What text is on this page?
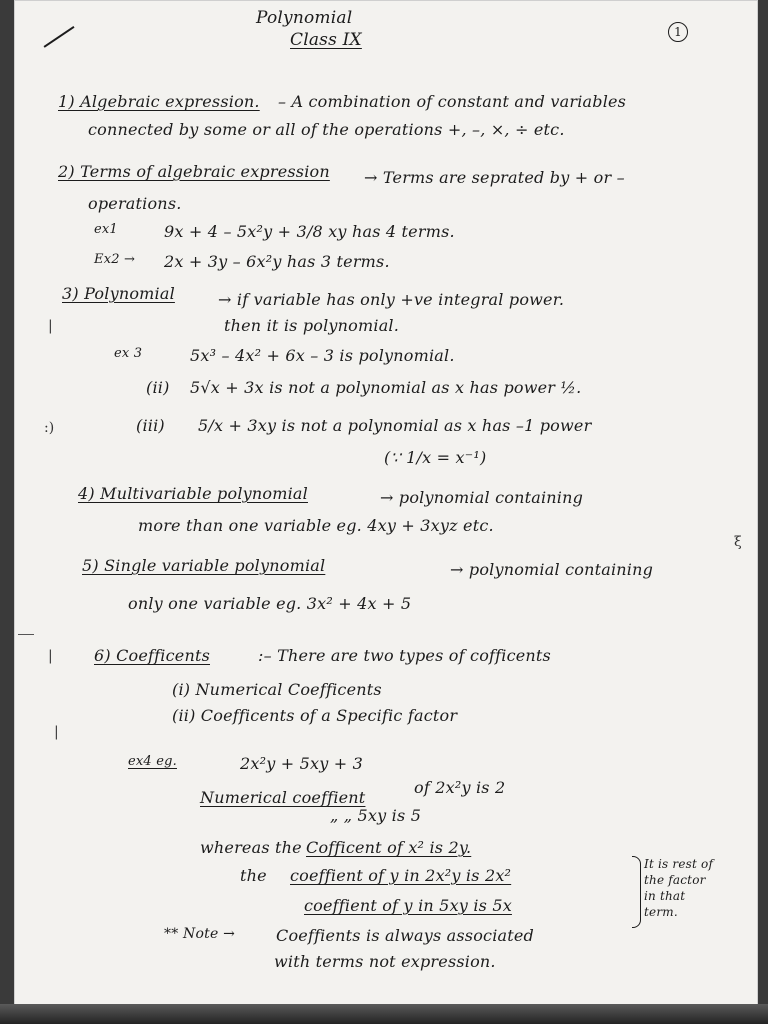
Polynomial
Class IX	1
1) Algebraic expression. – A combination of constant and variables
connected by some or all of the operations +, –, ×, ÷ etc.
2) Terms of algebraic expression → Terms are seprated by + or –
operations.
ex1	9x + 4 – 5x²y + 3/8 xy has 4 terms.
Ex2 → 2x + 3y – 6x²y has 3 terms.
3) Polynomial	→ if variable has only +ve integral power.
then it is polynomial.
|
ex 3	5x³ – 4x² + 6x – 3 is polynomial.
(ii) 5√x + 3x is not a polynomial as x has power ½.
:)	(iii) 5/x + 3xy is not a polynomial as x has –1 power
(∵ 1/x = x⁻¹)
4) Multivariable polynomial	→ polynomial containing
more than one variable eg. 4xy + 3xyz etc.
ξ
5) Single variable polynomial	→ polynomial containing
only one variable eg. 3x² + 4x + 5
|	6) Coefficents	:– There are two types of cofficents
(i) Numerical Coefficents
(ii) Coefficents of a Specific factor
|
ex4 eg.	2x²y + 5xy + 3
Numerical coeffient
of 2x²y is 2
„ „ 5xy is 5
whereas the Cofficent of x² is 2y.
the coeffient of y in 2x²y is 2x²
coeffient of y in 5xy is 5x
It is rest of the factor in that term.
** Note →	Coeffients is always associated
with terms not expression.
